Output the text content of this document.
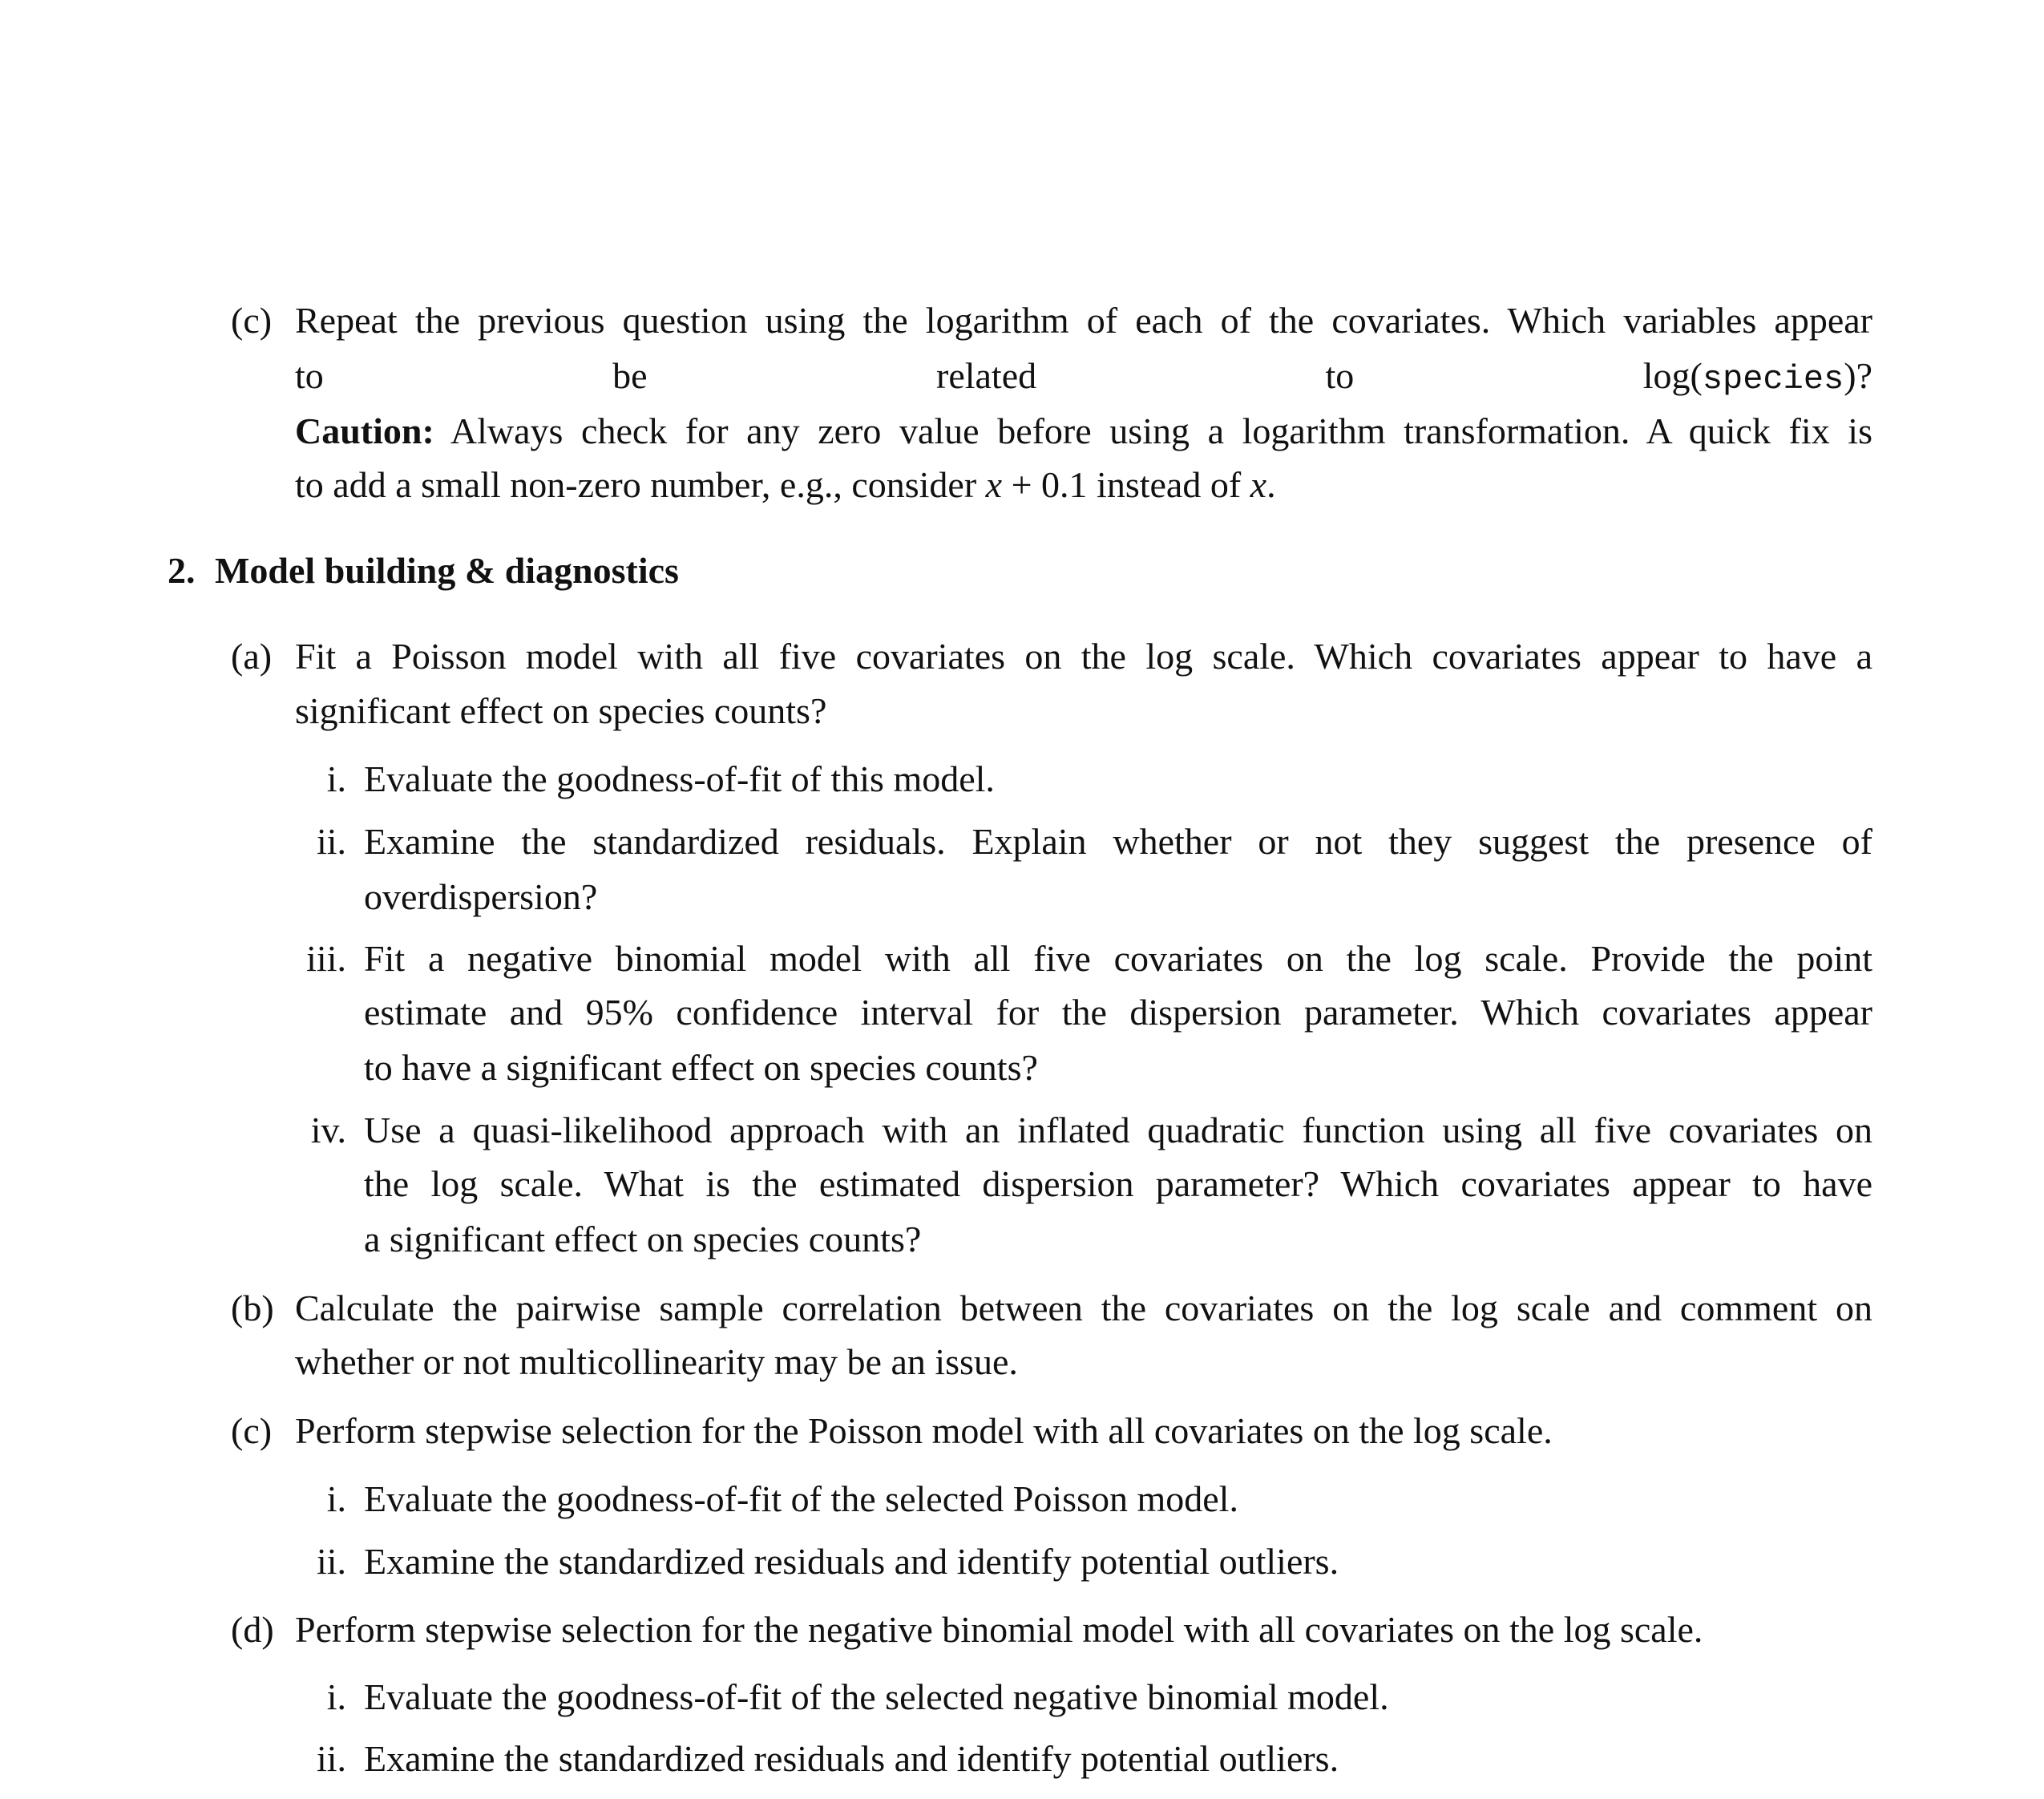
(c) Repeat the previous question using the logarithm of each of the covariates. Which variables appear
to be related to log(species)?
Caution: Always check for any zero value before using a logarithm transformation. A quick fix is
to add a small non-zero number, e.g., consider x + 0.1 instead of x.
2. Model building & diagnostics
(a) Fit a Poisson model with all five covariates on the log scale. Which covariates appear to have a
significant effect on species counts?
i. Evaluate the goodness-of-fit of this model.
ii. Examine the standardized residuals. Explain whether or not they suggest the presence of
overdispersion?
iii. Fit a negative binomial model with all five covariates on the log scale. Provide the point
estimate and 95% confidence interval for the dispersion parameter. Which covariates appear
to have a significant effect on species counts?
iv. Use a quasi-likelihood approach with an inflated quadratic function using all five covariates on
the log scale. What is the estimated dispersion parameter? Which covariates appear to have
a significant effect on species counts?
(b) Calculate the pairwise sample correlation between the covariates on the log scale and comment on
whether or not multicollinearity may be an issue.
(c) Perform stepwise selection for the Poisson model with all covariates on the log scale.
i. Evaluate the goodness-of-fit of the selected Poisson model.
ii. Examine the standardized residuals and identify potential outliers.
(d) Perform stepwise selection for the negative binomial model with all covariates on the log scale.
i. Evaluate the goodness-of-fit of the selected negative binomial model.
ii. Examine the standardized residuals and identify potential outliers.
